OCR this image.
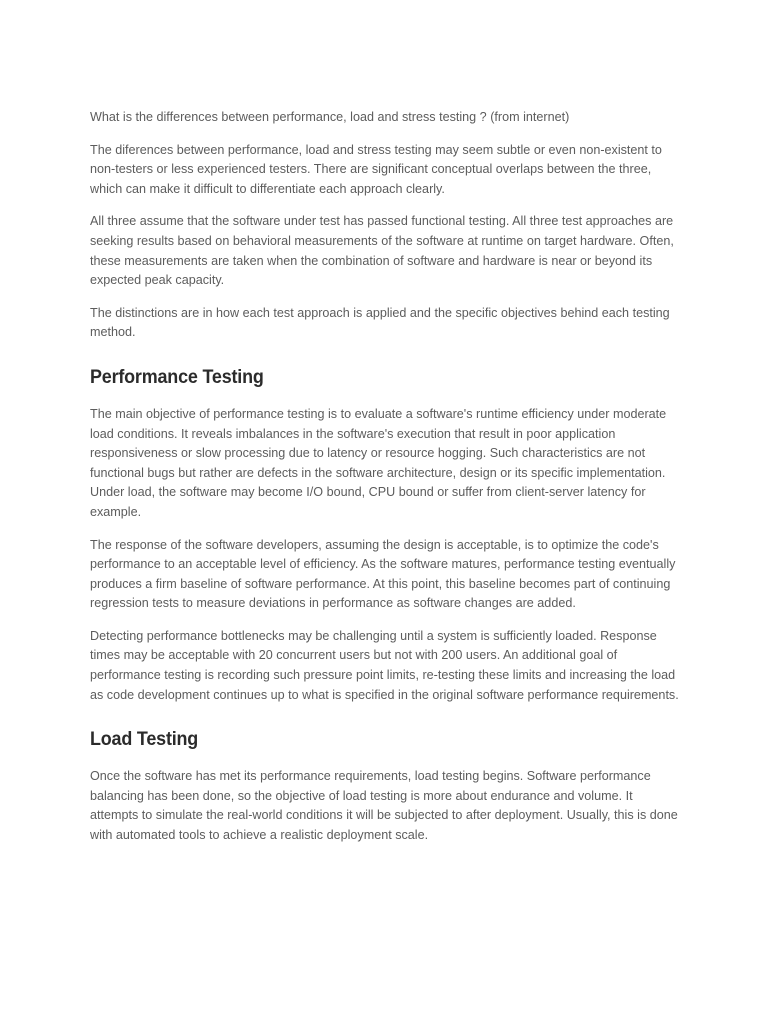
What is the differences between performance, load and stress testing ? (from internet)

The diferences between performance, load and stress testing may seem subtle or even non-existent to non-testers or less experienced testers. There are significant conceptual overlaps between the three, which can make it difficult to differentiate each approach clearly.

All three assume that the software under test has passed functional testing. All three test approaches are seeking results based on behavioral measurements of the software at runtime on target hardware. Often, these measurements are taken when the combination of software and hardware is near or beyond its expected peak capacity.

The distinctions are in how each test approach is applied and the specific objectives behind each testing method.

Performance Testing

The main objective of performance testing is to evaluate a software's runtime efficiency under moderate load conditions. It reveals imbalances in the software's execution that result in poor application responsiveness or slow processing due to latency or resource hogging. Such characteristics are not functional bugs but rather are defects in the software architecture, design or its specific implementation. Under load, the software may become I/O bound, CPU bound or suffer from client-server latency for example.

The response of the software developers, assuming the design is acceptable, is to optimize the code's performance to an acceptable level of efficiency. As the software matures, performance testing eventually produces a firm baseline of software performance. At this point, this baseline becomes part of continuing regression tests to measure deviations in performance as software changes are added.

Detecting performance bottlenecks may be challenging until a system is sufficiently loaded. Response times may be acceptable with 20 concurrent users but not with 200 users. An additional goal of performance testing is recording such pressure point limits, re-testing these limits and increasing the load as code development continues up to what is specified in the original software performance requirements.

Load Testing

Once the software has met its performance requirements, load testing begins. Software performance balancing has been done, so the objective of load testing is more about endurance and volume. It attempts to simulate the real-world conditions it will be subjected to after deployment. Usually, this is done with automated tools to achieve a realistic deployment scale.
